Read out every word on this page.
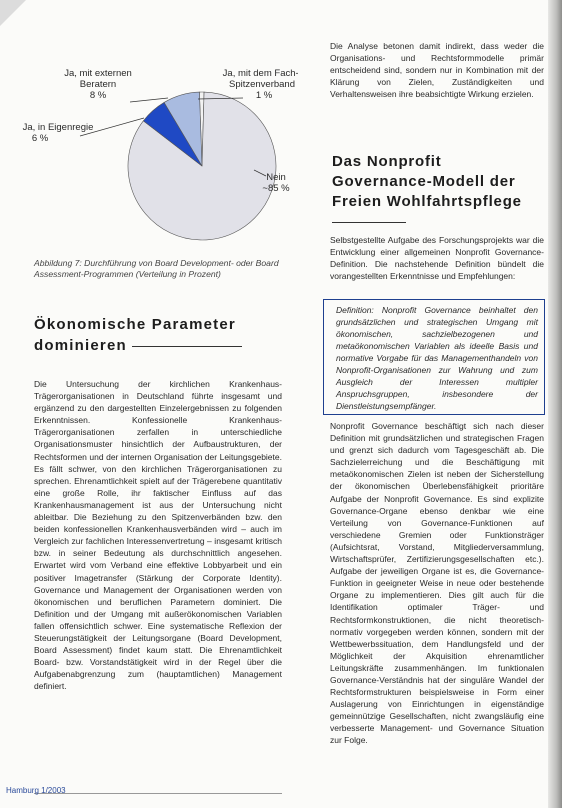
Ja, mit externen
Beratern
8 %
Ja, mit dem Fach-/
Spitzenverband
1 %
Ja, in Eigenregie
6 %
Nein
~85 %
Abbildung 7: Durchführung von Board Development- oder Board Assessment-Programmen (Verteilung in Prozent)
Ökonomische Parameter dominieren
Die Untersuchung der kirchlichen Krankenhaus-Trägerorganisationen in Deutschland führte insgesamt und ergänzend zu den dargestellten Einzelergebnissen zu folgenden Erkenntnissen. Konfessionelle Krankenhaus-Trägerorganisationen zerfallen in unterschiedliche Organisationsmuster hinsichtlich der Aufbaustrukturen, der Rechtsformen und der internen Organisation der Leitungsgebiete. Es fällt schwer, von den kirchlichen Trägerorganisationen zu sprechen. Ehrenamtlichkeit spielt auf der Trägerebene quantitativ eine große Rolle, ihr faktischer Einfluss auf das Krankenhausmanagement ist aus der Untersuchung nicht ableitbar. Die Beziehung zu den Spitzenverbänden bzw. den beiden konfessionellen Krankenhausverbänden wird – auch im Vergleich zur fachlichen Interessenvertretung – insgesamt kritisch bzw. in seiner Bedeutung als durchschnittlich angesehen. Erwartet wird vom Verband eine effektive Lobbyarbeit und ein positiver Imagetransfer (Stärkung der Corporate Identity). Governance und Management der Organisationen werden von ökonomischen und beruflichen Parametern dominiert. Die Definition und der Umgang mit außerökonomischen Variablen fallen offensichtlich schwer. Eine systematische Reflexion der Steuerungstätigkeit der Leitungsorgane (Board Development, Board Assessment) findet kaum statt. Die Ehrenamtlichkeit Board- bzw. Vorstandstätigkeit wird in der Regel über die Aufgabenabgrenzung zum (hauptamtlichen) Management definiert.
Die Analyse betonen damit indirekt, dass weder die Organisations- und Rechtsformmodelle primär entscheidend sind, sondern nur in Kombination mit der Klärung von Zielen, Zuständigkeiten und Verhaltensweisen ihre beabsichtigte Wirkung erzielen.
Das Nonprofit Governance-Modell der Freien Wohlfahrtspflege
Selbstgestellte Aufgabe des Forschungsprojekts war die Entwicklung einer allgemeinen Nonprofit Governance-Definition. Die nachstehende Definition bündelt die vorangestellten Erkenntnisse und Empfehlungen:
Definition: Nonprofit Governance beinhaltet den grundsätzlichen und strategischen Umgang mit ökonomischen, sachzielbezogenen und metaökonomischen Variablen als ideelle Basis und normative Vorgabe für das Managementhandeln von Nonprofit-Organisationen zur Wahrung und zum Ausgleich der Interessen multipler Anspruchsgruppen, insbesondere der Dienstleistungsempfänger.
Nonprofit Governance beschäftigt sich nach dieser Definition mit grundsätzlichen und strategischen Fragen und grenzt sich dadurch vom Tagesgeschäft ab. Die Sachzielerreichung und die Beschäftigung mit metaökonomischen Zielen ist neben der Sicherstellung der ökonomischen Überlebensfähigkeit prioritäre Aufgabe der Nonprofit Governance. Es sind explizite Governance-Organe ebenso denkbar wie eine Verteilung von Governance-Funktionen auf verschiedene Gremien oder Funktionsträger (Aufsichtsrat, Vorstand, Mitgliederversammlung, Wirtschaftsprüfer, Zertifizierungsgesellschaften etc.). Aufgabe der jeweiligen Organe ist es, die Governance-Funktion in geeigneter Weise in neue oder bestehende Organe zu implementieren. Dies gilt auch für die Identifikation optimaler Träger- und Rechtsformkonstruktionen, die nicht theoretisch-normativ vorgegeben werden können, sondern mit der Wettbewerbssituation, dem Handlungsfeld und der Möglichkeit der Akquisition ehrenamtlicher Leitungskräfte zusammenhängen. Im funktionalen Governance-Verständnis hat der singuläre Wandel der Rechtsformstrukturen beispielsweise in Form einer Auslagerung von Einrichtungen in eigenständige gemeinnützige Gesellschaften, nicht zwangsläufig eine verbesserte Management- und Governance Situation zur Folge.
Hamburg 1/2003
